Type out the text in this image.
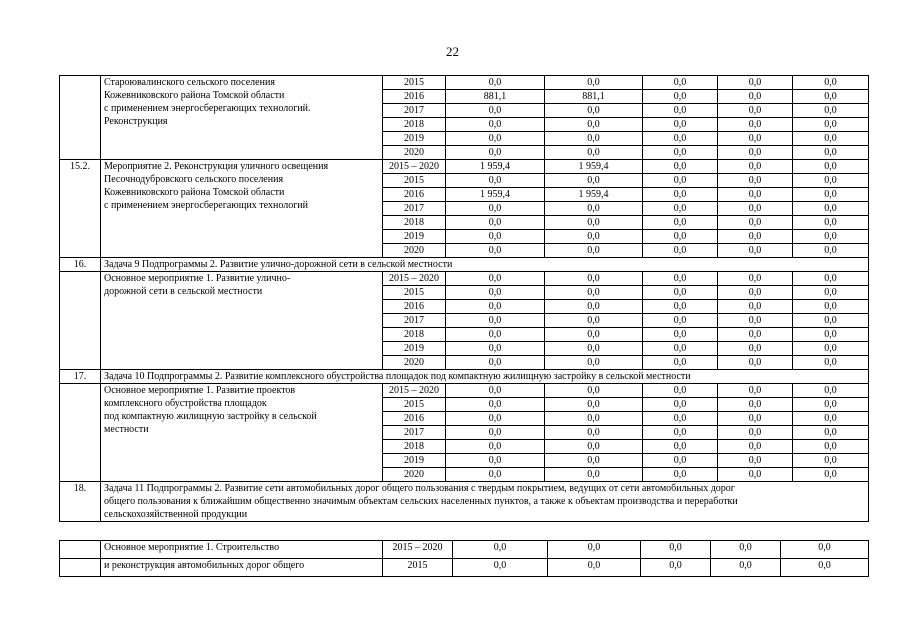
22

	Староювалинского сельского поселения
Кожевниковского района Томской области
с применением энергосберегающих технологий.
Реконструкция	2015	0,0	0,0	0,0	0,0	0,0
		2016	881,1	881,1	0,0	0,0	0,0
		2017	0,0	0,0	0,0	0,0	0,0
		2018	0,0	0,0	0,0	0,0	0,0
		2019	0,0	0,0	0,0	0,0	0,0
		2020	0,0	0,0	0,0	0,0	0,0
15.2.	Мероприятие 2. Реконструкция уличного освещения
Песочнодубровского сельского поселения
Кожевниковского района Томской области
с применением энергосберегающих технологий	2015 – 2020	1 959,4	1 959,4	0,0	0,0	0,0
		2015	0,0	0,0	0,0	0,0	0,0
		2016	1 959,4	1 959,4	0,0	0,0	0,0
		2017	0,0	0,0	0,0	0,0	0,0
		2018	0,0	0,0	0,0	0,0	0,0
		2019	0,0	0,0	0,0	0,0	0,0
		2020	0,0	0,0	0,0	0,0	0,0
16.	Задача 9 Подпрограммы 2. Развитие улично-дорожной сети в сельской местности						

	Основное мероприятие 1. Развитие улично-
дорожной сети в сельской местности	2015 – 2020	0,0	0,0	0,0	0,0	0,0
		2015	0,0	0,0	0,0	0,0	0,0
		2016	0,0	0,0	0,0	0,0	0,0
		2017	0,0	0,0	0,0	0,0	0,0
		2018	0,0	0,0	0,0	0,0	0,0
		2019	0,0	0,0	0,0	0,0	0,0
		2020	0,0	0,0	0,0	0,0	0,0
17.	Задача 10 Подпрограммы 2. Развитие комплексного обустройства площадок под компактную жилищную застройку в сельской местности						

	Основное мероприятие 1. Развитие проектов
комплексного обустройства площадок
под компактную жилищную застройку в сельской
местности	2015 – 2020	0,0	0,0	0,0	0,0	0,0
		2015	0,0	0,0	0,0	0,0	0,0
		2016	0,0	0,0	0,0	0,0	0,0
		2017	0,0	0,0	0,0	0,0	0,0
		2018	0,0	0,0	0,0	0,0	0,0
		2019	0,0	0,0	0,0	0,0	0,0
		2020	0,0	0,0	0,0	0,0	0,0
18.	Задача 11 Подпрограммы 2. Развитие сети автомобильных дорог общего пользования с твердым покрытием, ведущих от сети автомобильных дорог
общего пользования к ближайшим общественно значимым объектам сельских населенных пунктов, а также к объектам производства и переработки
сельскохозяйственной продукции						
	Основное мероприятие 1. Строительство	2015 – 2020	0,0	0,0	0,0	0,0	0,0
	и реконструкция автомобильных дорог общего	2015	0,0	0,0	0,0	0,0	0,0
